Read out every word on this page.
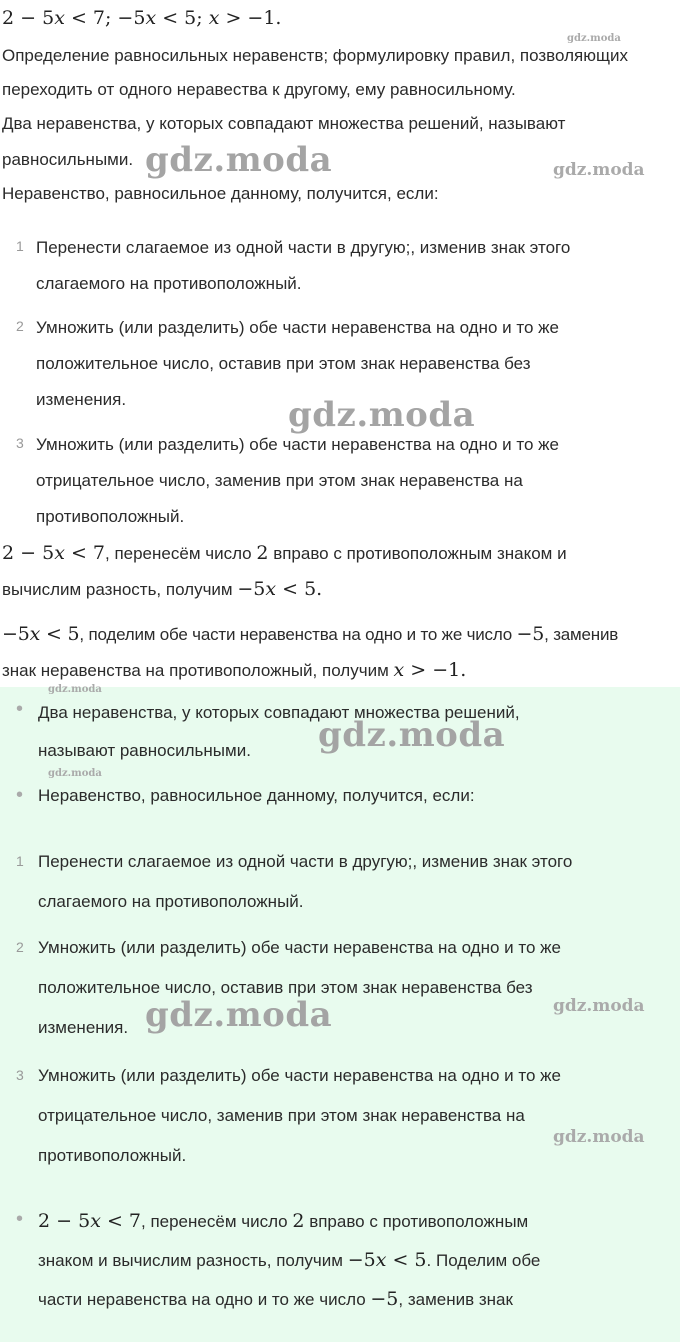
2 − 5x < 7; −5x < 5; x > −1.
Определение равносильных неравенств; формулировку правил, позволяющих
переходить от одного неравества к другому, ему равносильному.
Два неравенства, у которых совпадают множества решений, называют
равносильными.
Неравенство, равносильное данному, получится, если:
1 Перенести слагаемое из одной части в другую;, изменив знак этого
слагаемого на противоположный.
2 Умножить (или разделить) обе части неравенства на одно и то же
положительное число, оставив при этом знак неравенства без
изменения.
3 Умножить (или разделить) обе части неравенства на одно и то же
отрицательное число, заменив при этом знак неравенства на
противоположный.
2 − 5x < 7, перенесём число 2 вправо с противоположным знаком и
вычислим разность, получим −5x < 5.
−5x < 5, поделим обе части неравенства на одно и то же число −5, заменив
знак неравенства на противоположный, получим x > −1.
• Два неравенства, у которых совпадают множества решений,
называют равносильными.
• Неравенство, равносильное данному, получится, если:
1 Перенести слагаемое из одной части в другую;, изменив знак этого
слагаемого на противоположный.
2 Умножить (или разделить) обе части неравенства на одно и то же
положительное число, оставив при этом знак неравенства без
изменения.
3 Умножить (или разделить) обе части неравенства на одно и то же
отрицательное число, заменив при этом знак неравенства на
противоположный.
• 2 − 5x < 7, перенесём число 2 вправо с противоположным
знаком и вычислим разность, получим −5x < 5. Поделим обе
части неравенства на одно и то же число −5, заменив знак
gdz.moda
gdz.moda	gdz.moda
gdz.moda
gdz.moda
gdz.moda
gdz.moda
gdz.moda	gdz.moda
gdz.moda
